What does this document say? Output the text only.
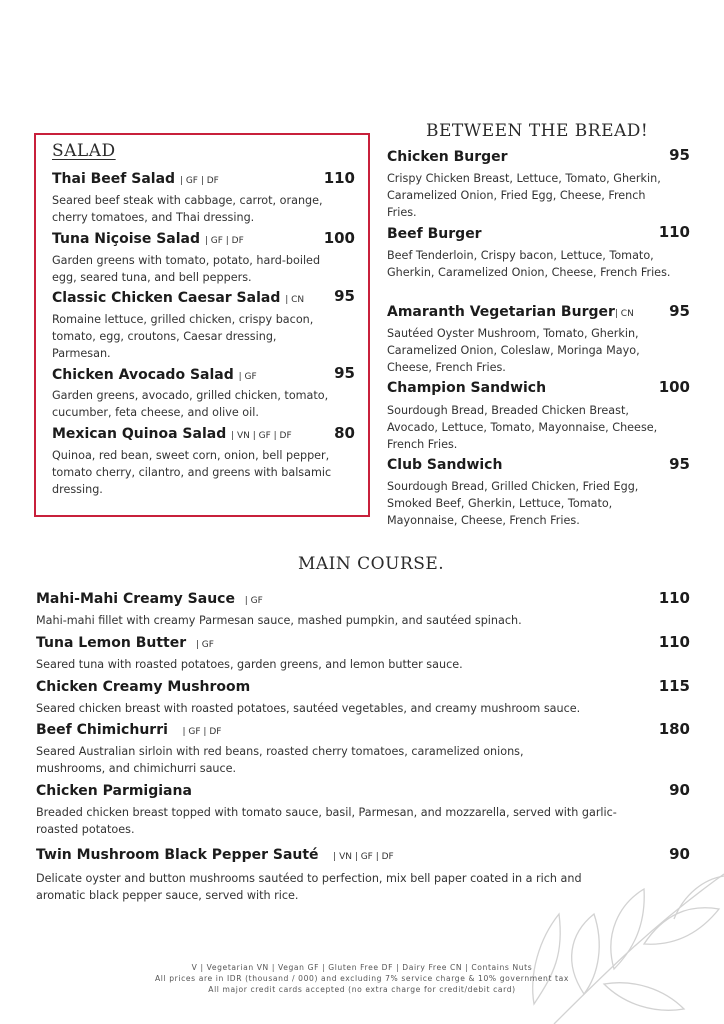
SALAD
Thai Beef Salad | GF | DF	110
Seared beef steak with cabbage, carrot, orange, cherry tomatoes, and Thai dressing.
Tuna Niçoise Salad | GF | DF	100
Garden greens with tomato, potato, hard-boiled egg, seared tuna, and bell peppers.
Classic Chicken Caesar Salad | CN	95
Romaine lettuce, grilled chicken, crispy bacon, tomato, egg, croutons, Caesar dressing, Parmesan.
Chicken Avocado Salad | GF	95
Garden greens, avocado, grilled chicken, tomato, cucumber, feta cheese, and olive oil.
Mexican Quinoa Salad | VN | GF | DF	80
Quinoa, red bean, sweet corn, onion, bell pepper, tomato cherry, cilantro, and greens with balsamic dressing.
BETWEEN THE BREAD!
Chicken Burger	95
Crispy Chicken Breast, Lettuce, Tomato, Gherkin, Caramelized Onion, Fried Egg, Cheese, French Fries.
Beef Burger	110
Beef Tenderloin, Crispy bacon, Lettuce, Tomato, Gherkin, Caramelized Onion, Cheese, French Fries.
Amaranth Vegetarian Burger| CN	95
Sautéed Oyster Mushroom, Tomato, Gherkin, Caramelized Onion, Coleslaw, Moringa Mayo, Cheese, French Fries.
Champion Sandwich	100
Sourdough Bread, Breaded Chicken Breast, Avocado, Lettuce, Tomato, Mayonnaise, Cheese, French Fries.
Club Sandwich	95
Sourdough Bread, Grilled Chicken, Fried Egg, Smoked Beef, Gherkin, Lettuce, Tomato, Mayonnaise, Cheese, French Fries.
MAIN COURSE.
Mahi-Mahi Creamy Sauce | GF	110
Mahi-mahi fillet with creamy Parmesan sauce, mashed pumpkin, and sautéed spinach.
Tuna Lemon Butter | GF	110
Seared tuna with roasted potatoes, garden greens, and lemon butter sauce.
Chicken Creamy Mushroom	115
Seared chicken breast with roasted potatoes, sautéed vegetables, and creamy mushroom sauce.
Beef Chimichurri | GF | DF	180
Seared Australian sirloin with red beans, roasted cherry tomatoes, caramelized onions, mushrooms, and chimichurri sauce.
Chicken Parmigiana	90
Breaded chicken breast topped with tomato sauce, basil, Parmesan, and mozzarella, served with garlic-roasted potatoes.
Twin Mushroom Black Pepper Sauté | VN | GF | DF	90
Delicate oyster and button mushrooms sautéed to perfection, mix bell paper coated in a rich and aromatic black pepper sauce, served with rice.
V | Vegetarian VN | Vegan GF | Gluten Free DF | Dairy Free CN | Contains Nuts
All prices are in IDR (thousand / 000) and excluding 7% service charge & 10% government tax
All major credit cards accepted (no extra charge for credit/debit card)
